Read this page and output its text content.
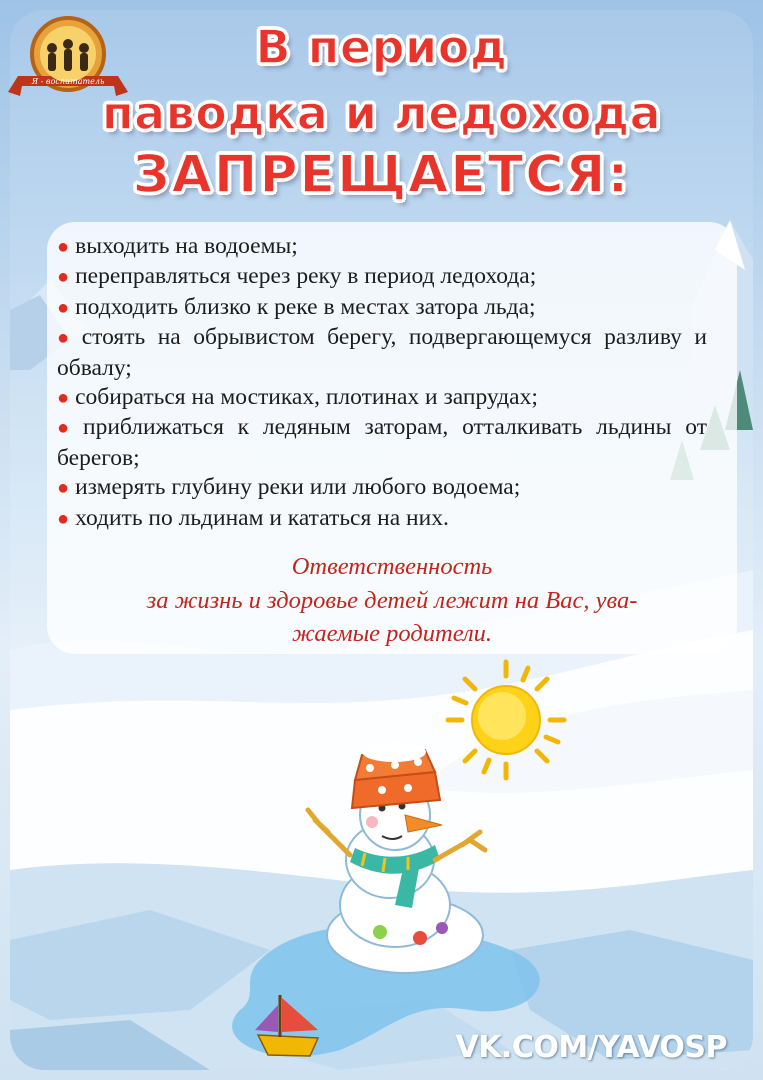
Я - воспитатель
В период
паводка и ледохода
ЗАПРЕЩАЕТСЯ:
● выходить на водоемы;
● переправляться через реку в период ледохода;
● подходить близко к реке в местах затора льда;
● стоять на обрывистом берегу, подвергающемуся разливу и обвалу;
● собираться на мостиках, плотинах и запрудах;
● приближаться к ледяным заторам, отталкивать льдины от берегов;
● измерять глубину реки или любого водоема;
● ходить по льдинам и кататься на них.
Ответственность
за жизнь и здоровье детей лежит на Вас, ува-
жаемые родители.
VK.COM/YAVOSP
